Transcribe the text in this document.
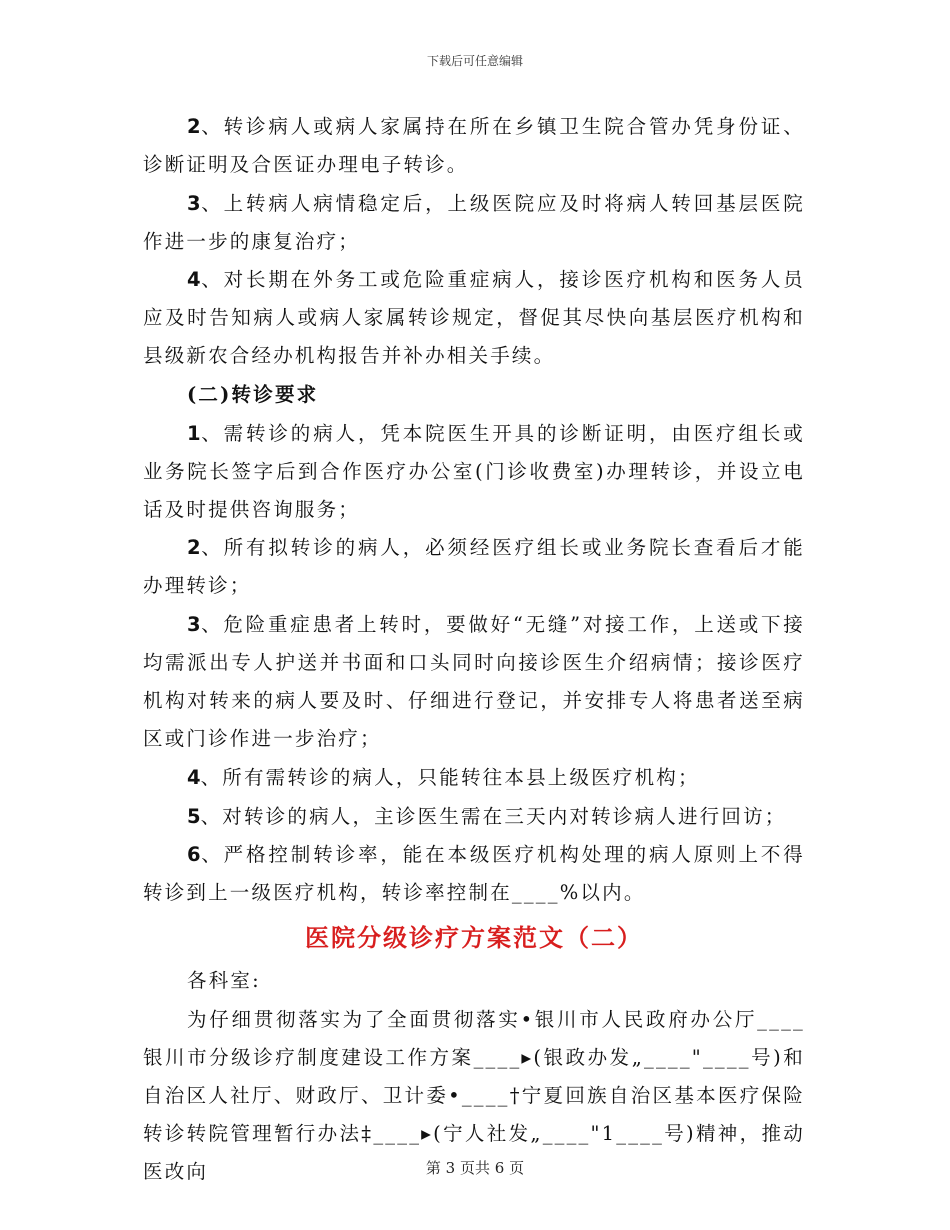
下载后可任意编辑

2、转诊病人或病人家属持在所在乡镇卫生院合管办凭身份证、诊断证明及合医证办理电子转诊。

3、上转病人病情稳定后，上级医院应及时将病人转回基层医院作进一步的康复治疗；

4、对长期在外务工或危险重症病人，接诊医疗机构和医务人员应及时告知病人或病人家属转诊规定，督促其尽快向基层医疗机构和县级新农合经办机构报告并补办相关手续。

(二)转诊要求

1、需转诊的病人，凭本院医生开具的诊断证明，由医疗组长或业务院长签字后到合作医疗办公室(门诊收费室)办理转诊，并设立电话及时提供咨询服务；

2、所有拟转诊的病人，必须经医疗组长或业务院长查看后才能办理转诊；

3、危险重症患者上转时，要做好“无缝”对接工作，上送或下接均需派出专人护送并书面和口头同时向接诊医生介绍病情；接诊医疗机构对转来的病人要及时、仔细进行登记，并安排专人将患者送至病区或门诊作进一步治疗；

4、所有需转诊的病人，只能转往本县上级医疗机构；

5、对转诊的病人，主诊医生需在三天内对转诊病人进行回访；

6、严格控制转诊率，能在本级医疗机构处理的病人原则上不得转诊到上一级医疗机构，转诊率控制在____%以内。

医院分级诊疗方案范文（二）

各科室:

为仔细贯彻落实为了全面贯彻落实•银川市人民政府办公厅____银川市分级诊疗制度建设工作方案____▸(银政办发„____"____号)和自治区人社厅、财政厅、卫计委•____†宁夏回族自治区基本医疗保险转诊转院管理暂行办法‡____▸(宁人社发„____"1____号)精神，推动医改向	第 3 页共 6 页
